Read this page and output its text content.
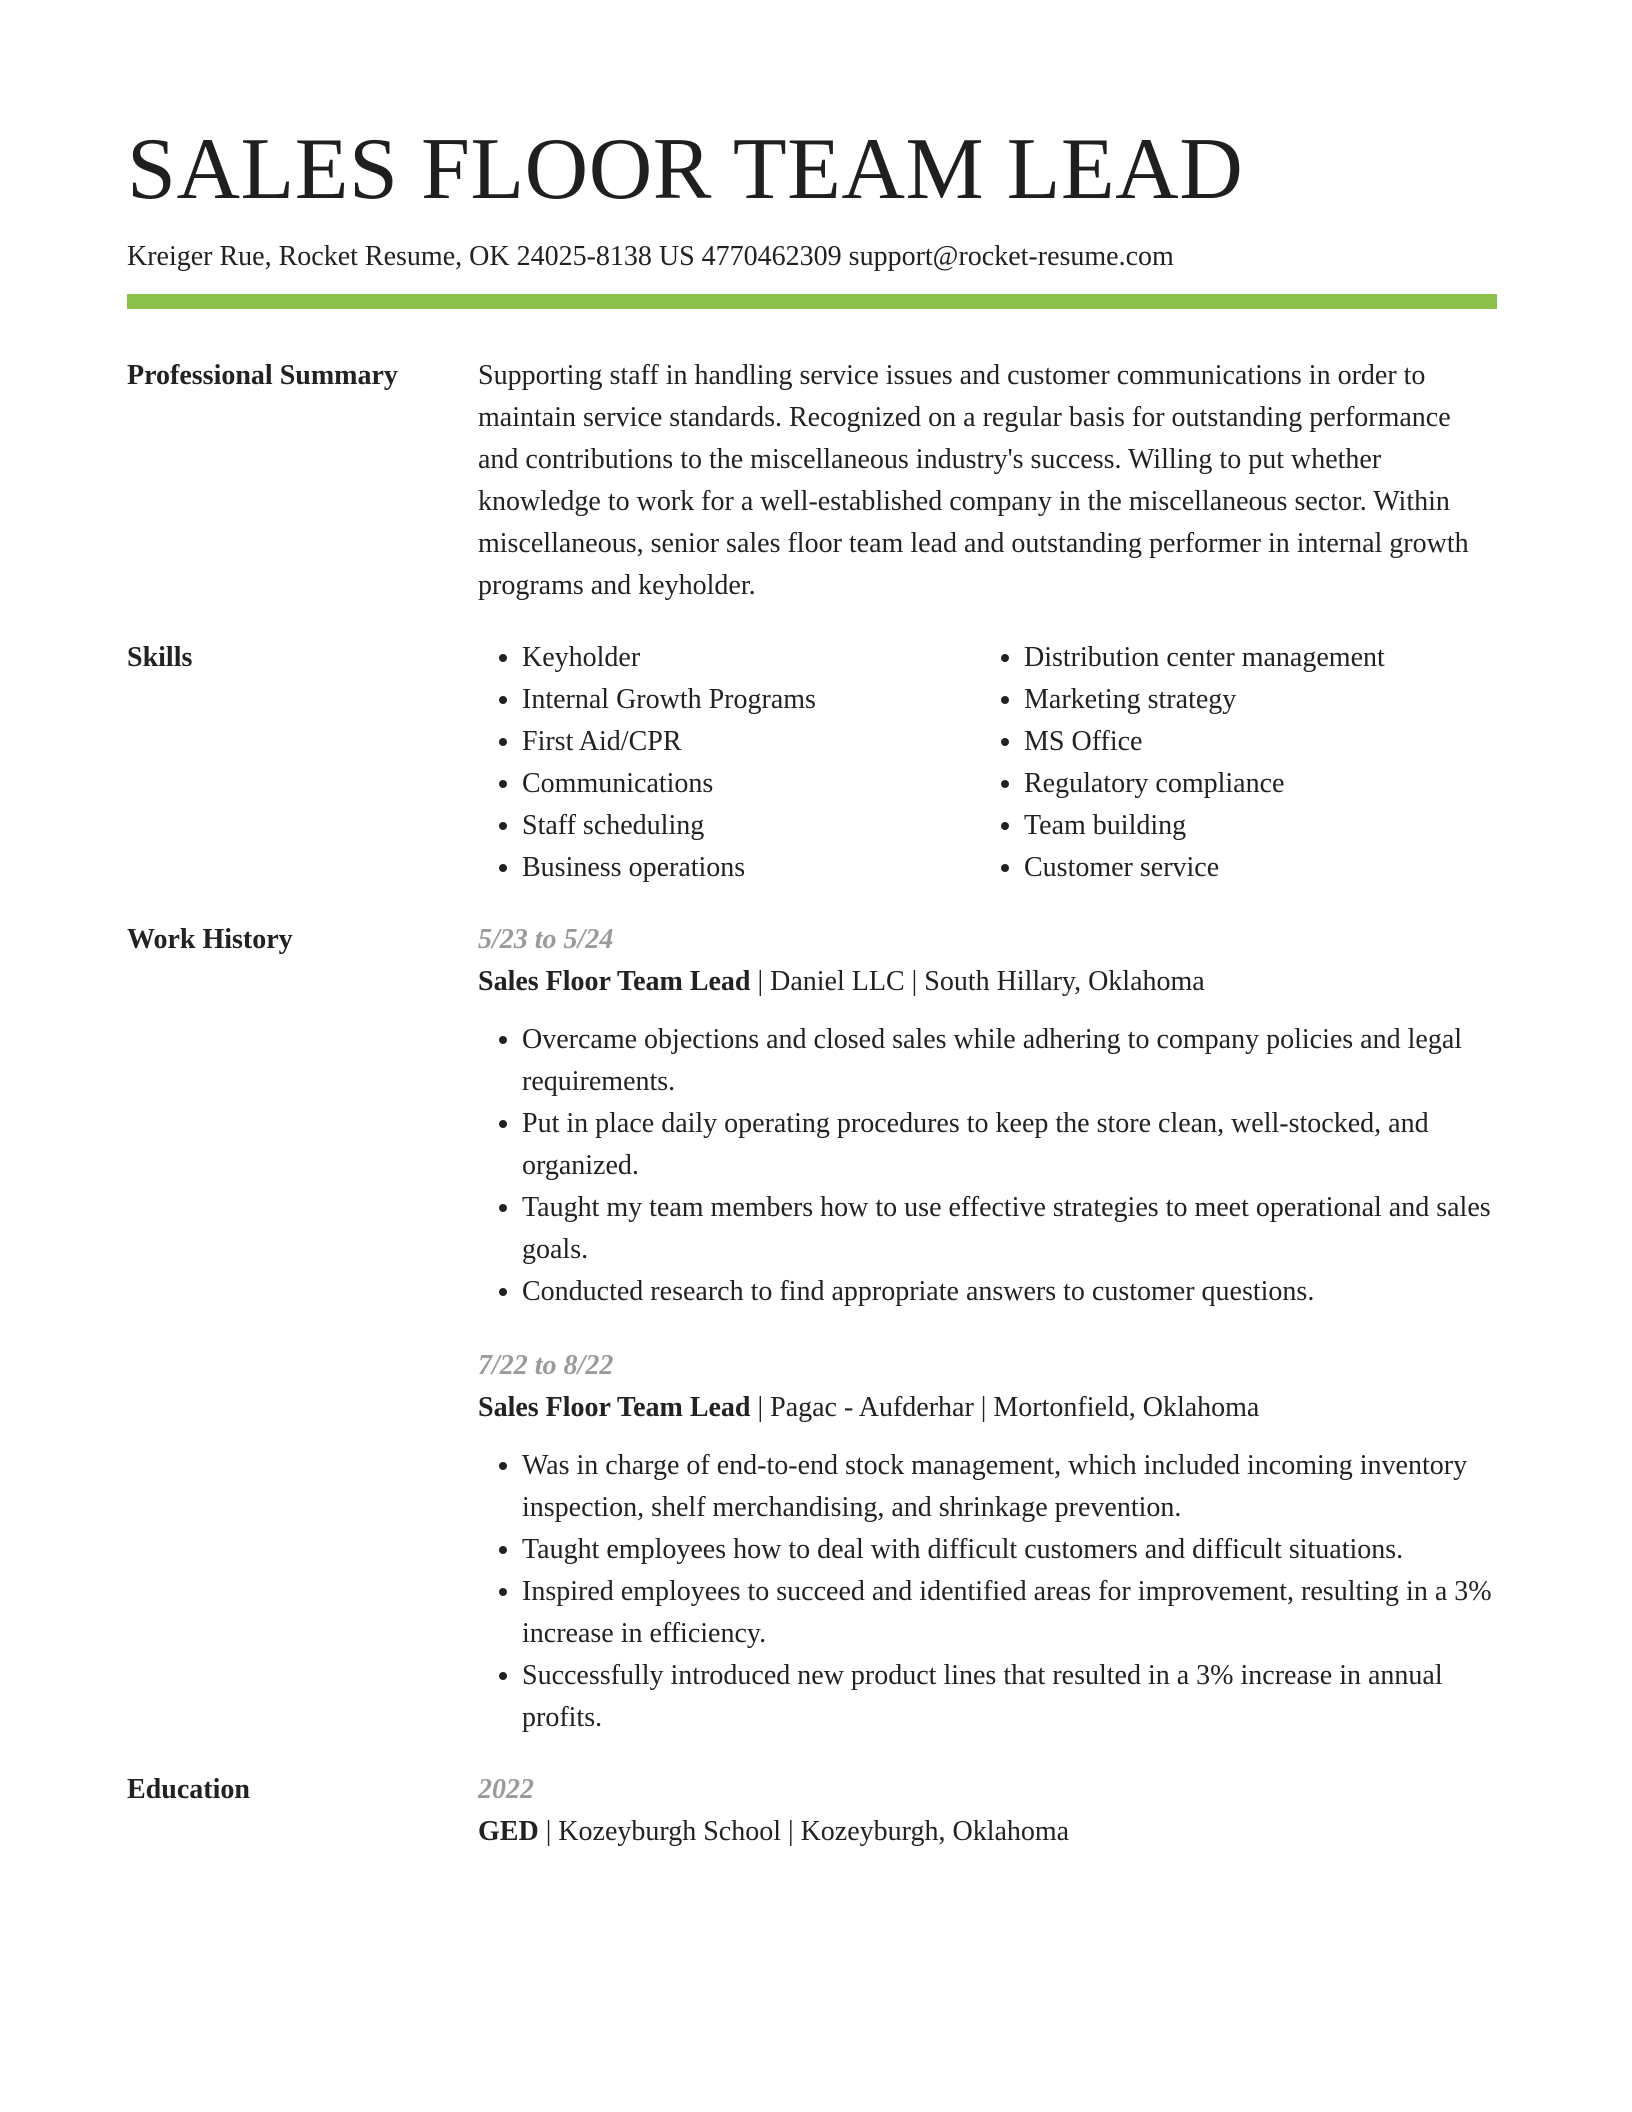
SALES FLOOR TEAM LEAD
Kreiger Rue, Rocket Resume, OK 24025-8138 US 4770462309 support@rocket-resume.com
Professional Summary	Supporting staff in handling service issues and customer communications in order to maintain service standards. Recognized on a regular basis for outstanding performance and contributions to the miscellaneous industry's success. Willing to put whether knowledge to work for a well-established company in the miscellaneous sector. Within miscellaneous, senior sales floor team lead and outstanding performer in internal growth programs and keyholder.
Skills
•	Keyholder
• Internal Growth Programs
• First Aid/CPR
• Communications
• Staff scheduling
• Business operations
• Distribution center management
• Marketing strategy
• MS Office
• Regulatory compliance
• Team building
• Customer service
Work History	5/23 to 5/24
Sales Floor Team Lead | Daniel LLC | South Hillary, Oklahoma
• Overcame objections and closed sales while adhering to company policies and legal requirements.
• Put in place daily operating procedures to keep the store clean, well-stocked, and organized.
• Taught my team members how to use effective strategies to meet operational and sales goals.
• Conducted research to find appropriate answers to customer questions.
7/22 to 8/22
Sales Floor Team Lead | Pagac - Aufderhar | Mortonfield, Oklahoma
• Was in charge of end-to-end stock management, which included incoming inventory inspection, shelf merchandising, and shrinkage prevention.
• Taught employees how to deal with difficult customers and difficult situations.
• Inspired employees to succeed and identified areas for improvement, resulting in a 3% increase in efficiency.
• Successfully introduced new product lines that resulted in a 3% increase in annual profits.
Education	2022
GED | Kozeyburgh School | Kozeyburgh, Oklahoma
